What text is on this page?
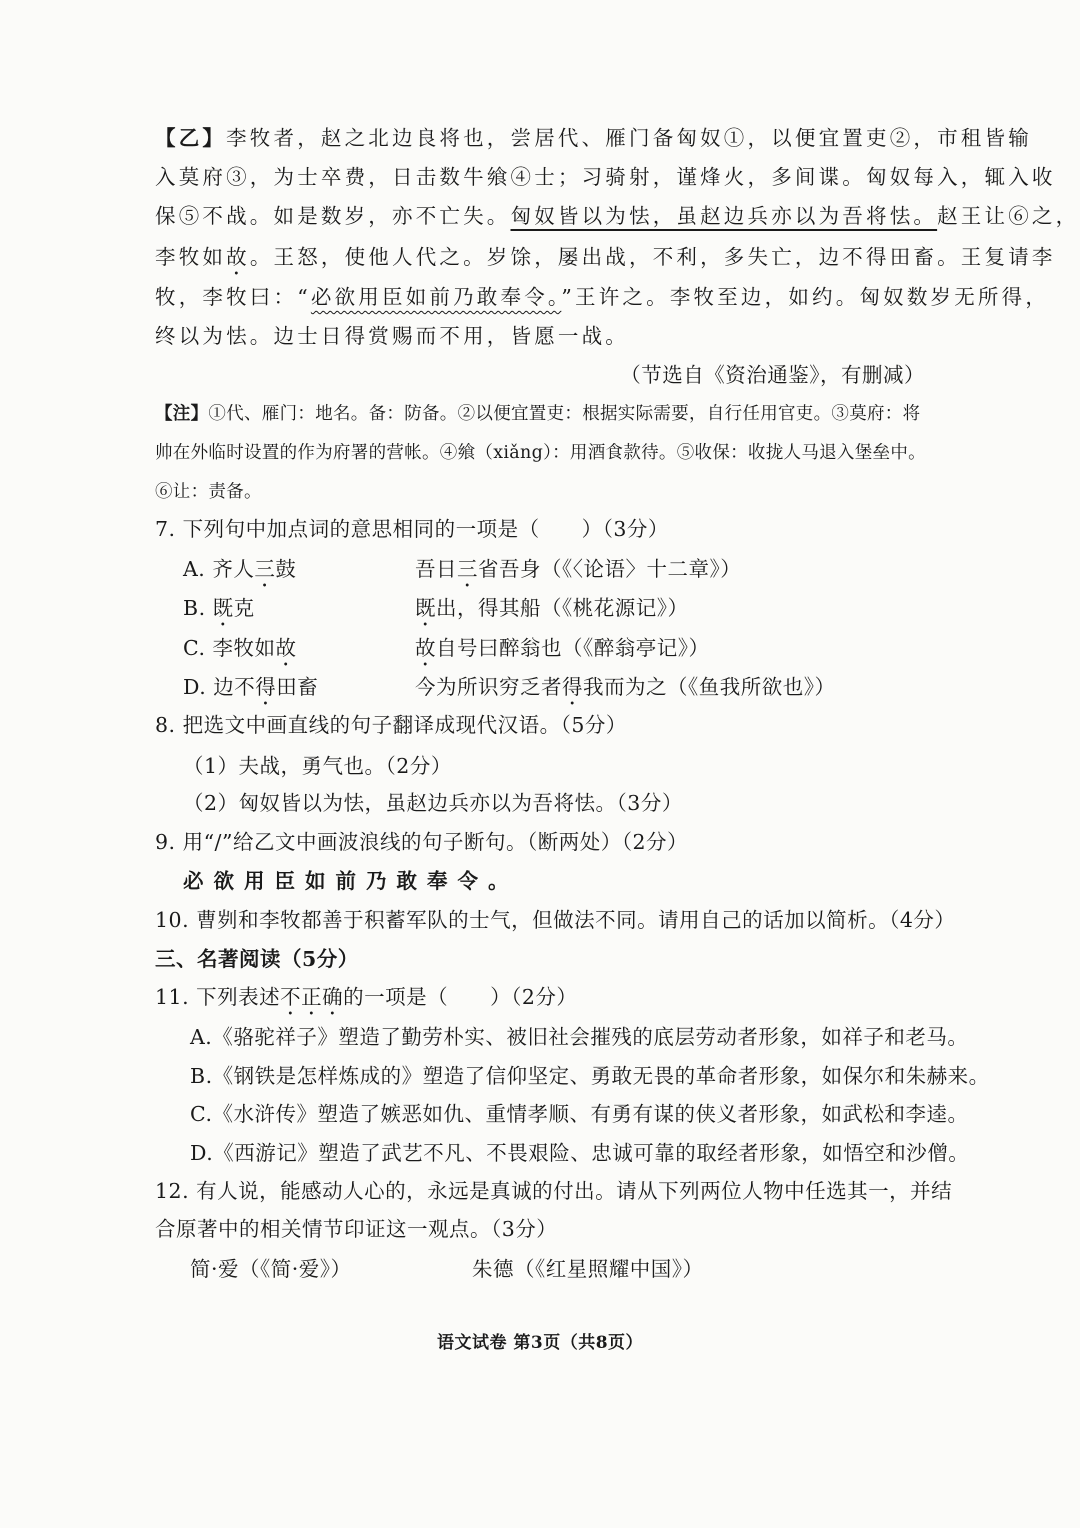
【乙】李牧者，赵之北边良将也，尝居代、雁门备匈奴①，以便宜置吏②，市租皆输
入莫府③，为士卒费，日击数牛飨④士；习骑射，谨烽火，多间谍。匈奴每入，辄入收
保⑤不战。如是数岁，亦不亡失。匈奴皆以为怯，虽赵边兵亦以为吾将怯。赵王让⑥之，
李牧如故。王怒，使他人代之。岁馀，屡出战，不利，多失亡，边不得田畜。王复请李
牧，李牧曰：“必欲用臣如前乃敢奉令。”王许之。李牧至边，如约。匈奴数岁无所得，
终以为怯。边士日得赏赐而不用，皆愿一战。
（节选自《资治通鉴》，有删减）
【注】①代、雁门：地名。备：防备。②以便宜置吏：根据实际需要，自行任用官吏。③莫府：将
帅在外临时设置的作为府署的营帐。④飨（xiǎng）：用酒食款待。⑤收保：收拢人马退入堡垒中。
⑥让：责备。
7. 下列句中加点词的意思相同的一项是（　　）（3分）
A. 齐人三鼓	吾日三省吾身（《〈论语〉十二章》）
B. 既克	既出，得其船（《桃花源记》）
C. 李牧如故	故自号曰醉翁也（《醉翁亭记》）
D. 边不得田畜	今为所识穷乏者得我而为之（《鱼我所欲也》）
8. 把选文中画直线的句子翻译成现代汉语。（5分）
（1）夫战，勇气也。（2分）
（2）匈奴皆以为怯，虽赵边兵亦以为吾将怯。（3分）
9. 用“/”给乙文中画波浪线的句子断句。（断两处）（2分）
必欲用臣如前乃敢奉令。
10. 曹刿和李牧都善于积蓄军队的士气，但做法不同。请用自己的话加以简析。（4分）
三、名著阅读（5分）
11. 下列表述不正确的一项是（　　）（2分）
A.《骆驼祥子》塑造了勤劳朴实、被旧社会摧残的底层劳动者形象，如祥子和老马。
B.《钢铁是怎样炼成的》塑造了信仰坚定、勇敢无畏的革命者形象，如保尔和朱赫来。
C.《水浒传》塑造了嫉恶如仇、重情孝顺、有勇有谋的侠义者形象，如武松和李逵。
D.《西游记》塑造了武艺不凡、不畏艰险、忠诚可靠的取经者形象，如悟空和沙僧。
12. 有人说，能感动人心的，永远是真诚的付出。请从下列两位人物中任选其一，并结
合原著中的相关情节印证这一观点。（3分）
简·爱（《简·爱》）	朱德（《红星照耀中国》）
语文试卷 第3页（共8页）
